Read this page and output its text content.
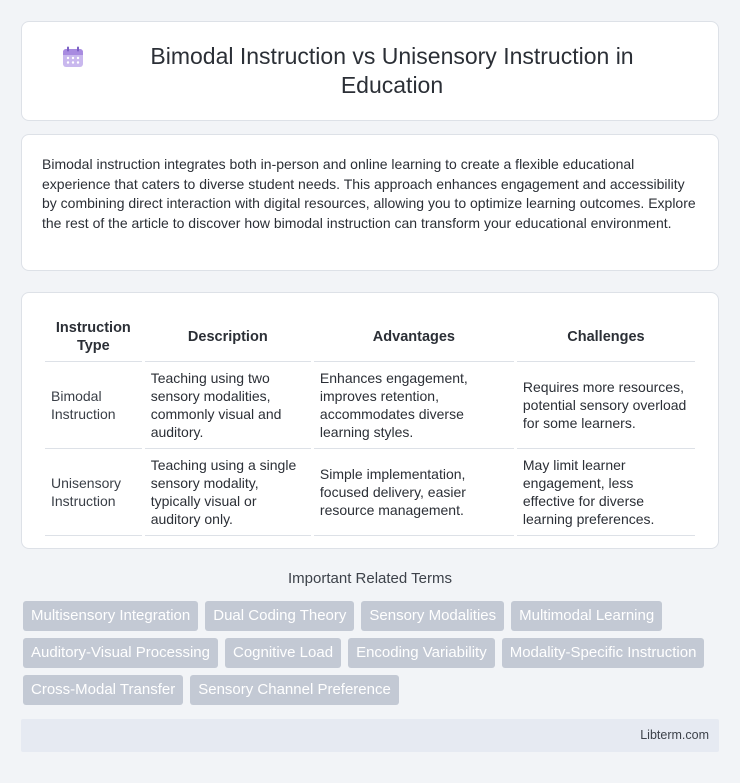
Bimodal Instruction vs Unisensory Instruction in Education

Bimodal instruction integrates both in-person and online learning to create a flexible educational experience that caters to diverse student needs. This approach enhances engagement and accessibility by combining direct interaction with digital resources, allowing you to optimize learning outcomes. Explore the rest of the article to discover how bimodal instruction can transform your educational environment.

Instruction Type	Description	Advantages	Challenges
Bimodal Instruction	Teaching using two sensory modalities, commonly visual and auditory.	Enhances engagement, improves retention, accommodates diverse learning styles.	Requires more resources, potential sensory overload for some learners.
Unisensory Instruction	Teaching using a single sensory modality, typically visual or auditory only.	Simple implementation, focused delivery, easier resource management.	May limit learner engagement, less effective for diverse learning preferences.
Important Related Terms
Multisensory Integration	Dual Coding Theory	Sensory Modalities	Multimodal Learning
Auditory-Visual Processing	Cognitive Load	Encoding Variability	Modality-Specific Instruction
Cross-Modal Transfer	Sensory Channel Preference
Libterm.com
